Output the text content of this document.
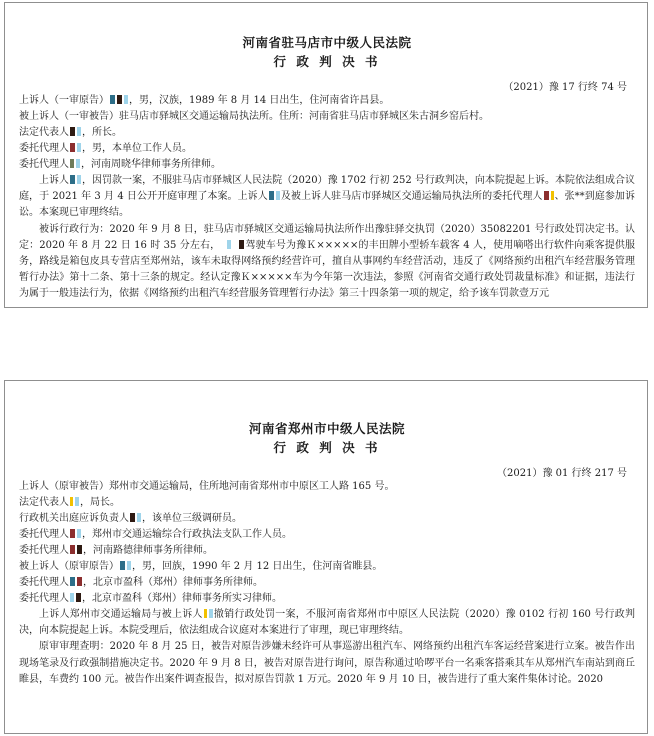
河南省驻马店市中级人民法院
行 政 判 决 书
（2021）豫 17 行终 74 号
上诉人（一审原告） ，男，汉族，1989 年 8 月 14 日出生，住河南省许昌县。
被上诉人（一审被告）驻马店市驿城区交通运输局执法所。住所：河南省驻马店市驿城区朱古洞乡窑后村。
法定代表人 ，所长。
委托代理人 ，男，本单位工作人员。
委托代理人 ，河南周晓华律师事务所律师。
上诉人 ，因罚款一案，不服驻马店市驿城区人民法院（2020）豫 1702 行初 252 号行政判决，向本院提起上诉。本院依法组成合议庭，于 2021 年 3 月 4 日公开开庭审理了本案。上诉人 及被上诉人驻马店市驿城区交通运输局执法所的委托代理人 、张**到庭参加诉讼。本案现已审理终结。
被诉行政行为：2020 年 9 月 8 日，驻马店市驿城区交通运输局执法所作出豫驻驿交执罚（2020）35082201 号行政处罚决定书。认定：2020 年 8 月 22 日 16 时 35 分左右，	驾驶车号为豫Ｋ×××××的丰田牌小型轿车载客 4 人，使用嘀嗒出行软件向乘客提供服务，路线是箱包皮具专营店至郑州站，该车未取得网络预约经营许可，擅自从事网约车经营活动，违反了《网络预约出租汽车经营服务管理暂行办法》第十二条、第十三条的规定。经认定豫Ｋ×××××车为今年第一次违法，参照《河南省交通行政处罚裁量标准》和证据，违法行为属于一般违法行为，依据《网络预约出租汽车经营服务管理暂行办法》第三十四条第一项的规定，给予该车罚款壹万元
河南省郑州市中级人民法院
行 政 判 决 书
（2021）豫 01 行终 217 号
上诉人（原审被告）郑州市交通运输局，住所地河南省郑州市中原区工人路 165 号。
法定代表人 ，局长。
行政机关出庭应诉负责人 ，该单位三级调研员。
委托代理人 ，郑州市交通运输综合行政执法支队工作人员。
委托代理人 ，河南路德律师事务所律师。
被上诉人（原审原告） ，男，回族，1990 年 2 月 12 日出生，住河南省睢县。
委托代理人 ，北京市盈科（郑州）律师事务所律师。
委托代理人 ，北京市盈科（郑州）律师事务所实习律师。
上诉人郑州市交通运输局与被上诉人 撤销行政处罚一案，不服河南省郑州市中原区人民法院（2020）豫 0102 行初 160 号行政判决，向本院提起上诉。本院受理后，依法组成合议庭对本案进行了审理，现已审理终结。
原审审理查明：2020 年 8 月 25 日，被告对原告涉嫌未经许可从事巡游出租汽车、网络预约出租汽车客运经营案进行立案。被告作出现场笔录及行政强制措施决定书。2020 年 9 月 8 日，被告对原告进行询问，原告称通过哈啰平台一名乘客搭乘其车从郑州汽车南站到商丘睢县，车费约 100 元。被告作出案件调查报告，拟对原告罚款 1 万元。2020 年 9 月 10 日，被告进行了重大案件集体讨论。2020
